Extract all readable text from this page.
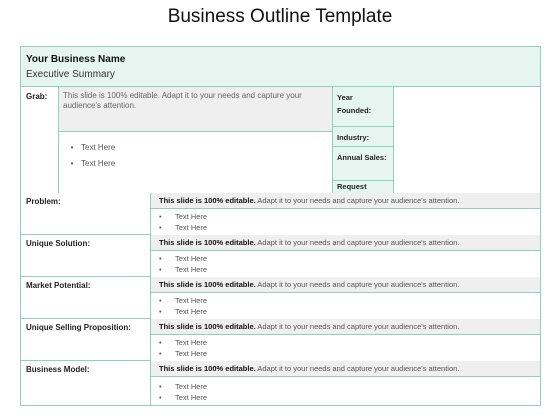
Business Outline Template
Your Business Name
Executive Summary
Grab:	This slide is 100% editable. Adapt it to your needs and capture your audience's attention.
• Text Here
• Text Here
Year Founded:
Industry:
Annual Sales:
Request
Problem:	This slide is 100% editable. Adapt it to your needs and capture your audience's attention.
•	Text Here
•	Text Here
Unique Solution:	This slide is 100% editable. Adapt it to your needs and capture your audience's attention.
•	Text Here
•	Text Here
Market Potential:	This slide is 100% editable. Adapt it to your needs and capture your audience's attention.
•	Text Here
•	Text Here
Unique Selling Proposition:	This slide is 100% editable. Adapt it to your needs and capture your audience's attention.
•	Text Here
•	Text Here
Business Model:	This slide is 100% editable. Adapt it to your needs and capture your audience's attention.
•	Text Here
•	Text Here
